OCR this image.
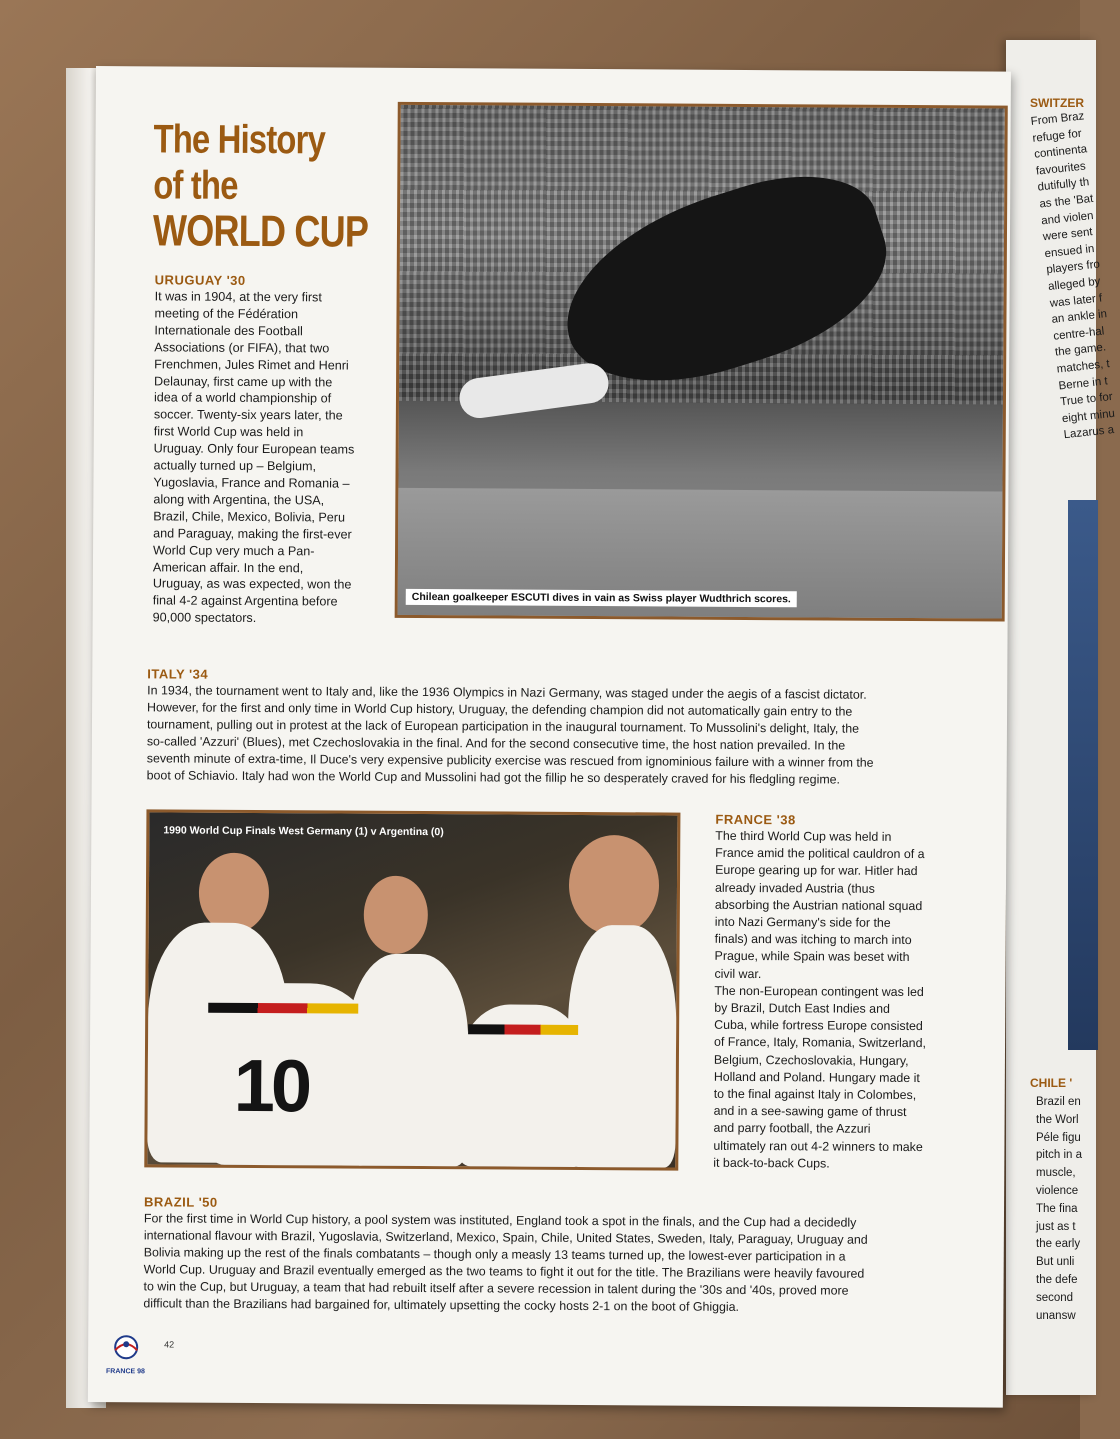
SWITZER
From Braz
refuge for
continenta
favourites
dutifully th
as the 'Bat
and violen
were sent
ensued in
players fro
alleged by
was later f
an ankle in
centre-hal
the game.
matches, t
Berne in t
True to for
eight minu
Lazarus a
CHILE '
Brazil en
the Worl
Péle figu
pitch in a
muscle,
violence
The fina
just as t
the early
But unli
the defe
second
unansw
The History
of the
WORLD CUP
URUGUAY '30
It was in 1904, at the very first
meeting of the Fédération
Internationale des Football
Associations (or FIFA), that two
Frenchmen, Jules Rimet and Henri
Delaunay, first came up with the
idea of a world championship of
soccer. Twenty-six years later, the
first World Cup was held in
Uruguay. Only four European teams
actually turned up – Belgium,
Yugoslavia, France and Romania –
along with Argentina, the USA,
Brazil, Chile, Mexico, Bolivia, Peru
and Paraguay, making the first-ever
World Cup very much a Pan-
American affair. In the end,
Uruguay, as was expected, won the
final 4-2 against Argentina before
90,000 spectators.
Chilean goalkeeper ESCUTI dives in vain as Swiss player Wudthrich scores.
ITALY '34
In 1934, the tournament went to Italy and, like the 1936 Olympics in Nazi Germany, was staged under the aegis of a fascist dictator.
However, for the first and only time in World Cup history, Uruguay, the defending champion did not automatically gain entry to the
tournament, pulling out in protest at the lack of European participation in the inaugural tournament. To Mussolini's delight, Italy, the
so-called 'Azzuri' (Blues), met Czechoslovakia in the final. And for the second consecutive time, the host nation prevailed. In the
seventh minute of extra-time, Il Duce's very expensive publicity exercise was rescued from ignominious failure with a winner from the
boot of Schiavio. Italy had won the World Cup and Mussolini had got the fillip he so desperately craved for his fledgling regime.
10
1990 World Cup Finals West Germany (1) v Argentina (0)
FRANCE '38
The third World Cup was held in
France amid the political cauldron of a
Europe gearing up for war. Hitler had
already invaded Austria (thus
absorbing the Austrian national squad
into Nazi Germany's side for the
finals) and was itching to march into
Prague, while Spain was beset with
civil war.
The non-European contingent was led
by Brazil, Dutch East Indies and
Cuba, while fortress Europe consisted
of France, Italy, Romania, Switzerland,
Belgium, Czechoslovakia, Hungary,
Holland and Poland. Hungary made it
to the final against Italy in Colombes,
and in a see-sawing game of thrust
and parry football, the Azzuri
ultimately ran out 4-2 winners to make
it back-to-back Cups.
BRAZIL '50
For the first time in World Cup history, a pool system was instituted, England took a spot in the finals, and the Cup had a decidedly
international flavour with Brazil, Yugoslavia, Switzerland, Mexico, Spain, Chile, United States, Sweden, Italy, Paraguay, Uruguay and
Bolivia making up the rest of the finals combatants – though only a measly 13 teams turned up, the lowest-ever participation in a
World Cup. Uruguay and Brazil eventually emerged as the two teams to fight it out for the title. The Brazilians were heavily favoured
to win the Cup, but Uruguay, a team that had rebuilt itself after a severe recession in talent during the '30s and '40s, proved more
difficult than the Brazilians had bargained for, ultimately upsetting the cocky hosts 2-1 on the boot of Ghiggia.
FRANCE 98
42
